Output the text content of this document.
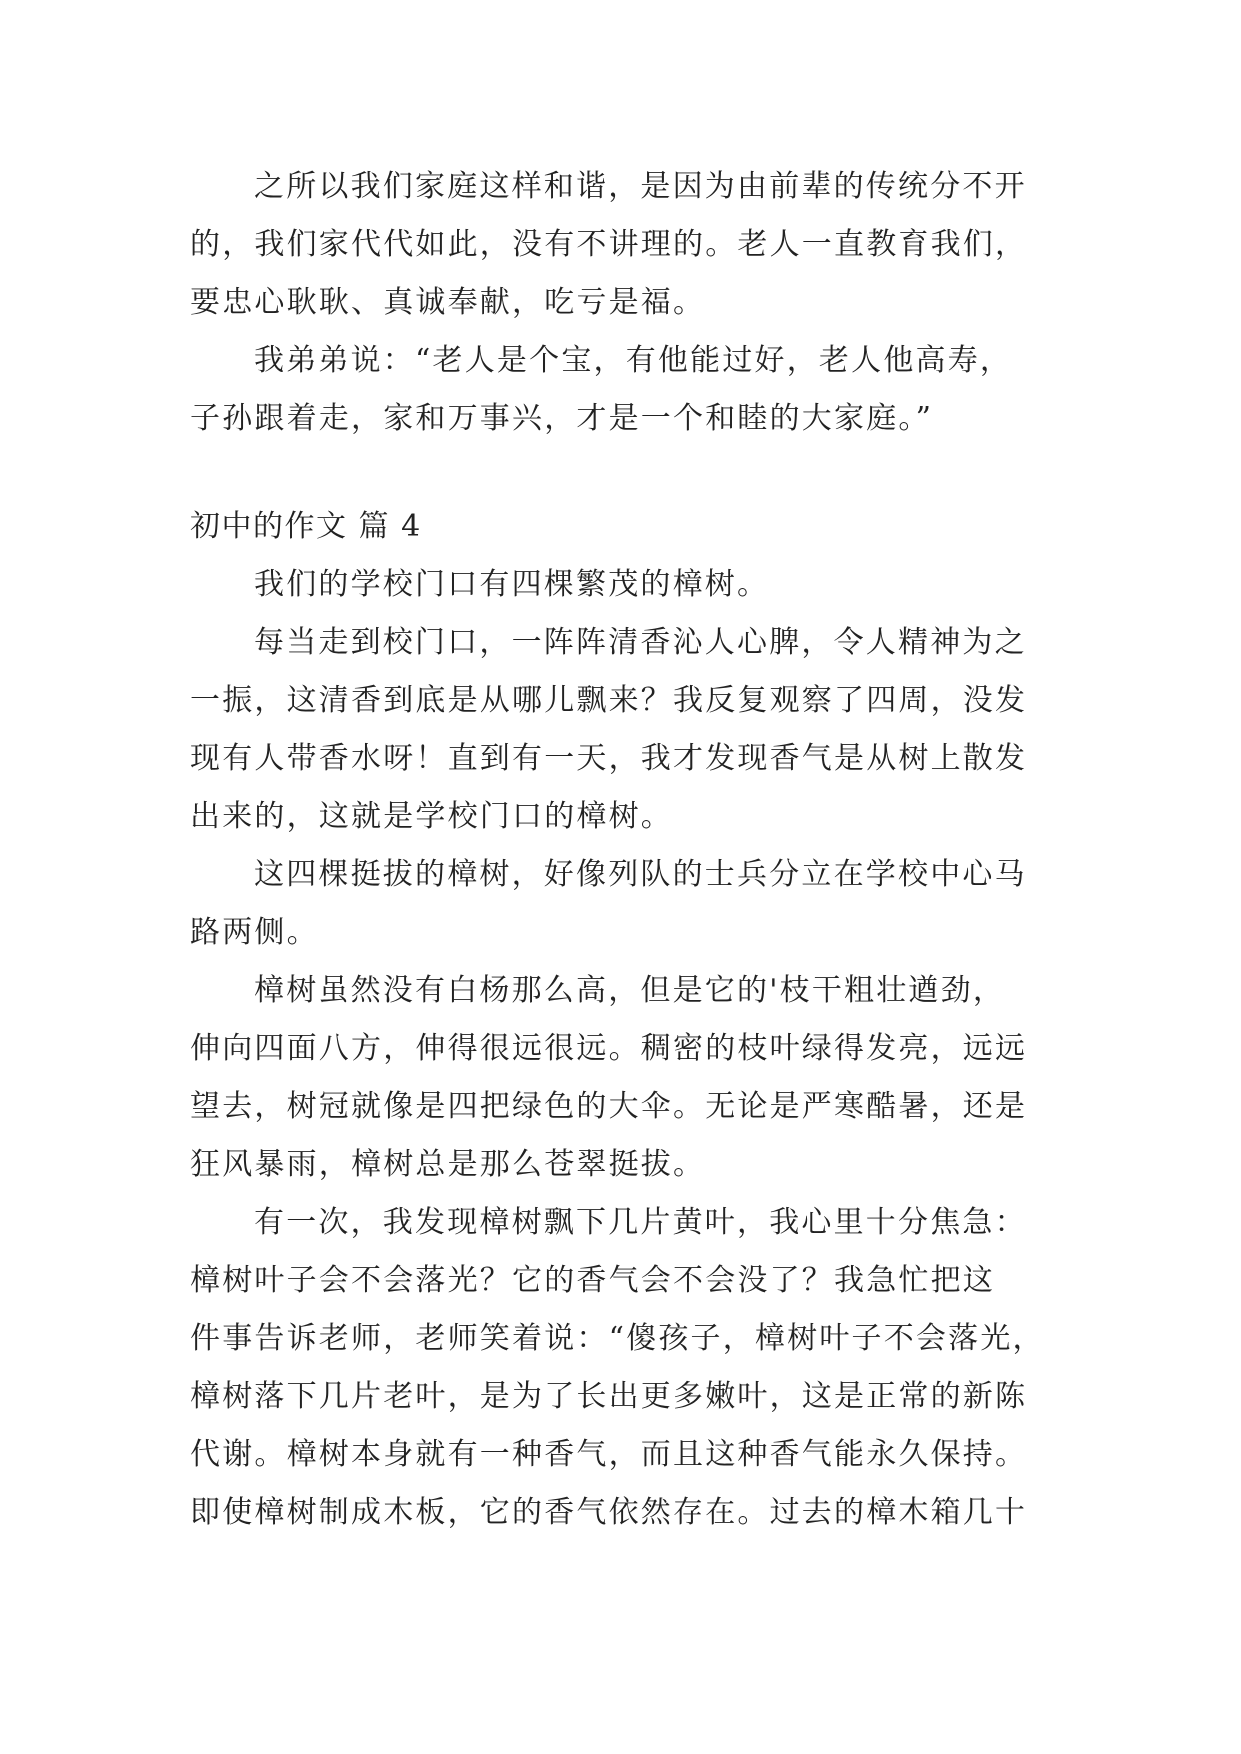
之所以我们家庭这样和谐，是因为由前辈的传统分不开
的，我们家代代如此，没有不讲理的。老人一直教育我们，
要忠心耿耿、真诚奉献，吃亏是福。

我弟弟说：“老人是个宝，有他能过好，老人他高寿，
子孙跟着走，家和万事兴，才是一个和睦的大家庭。”

初中的作文 篇 4

我们的学校门口有四棵繁茂的樟树。

每当走到校门口，一阵阵清香沁人心脾，令人精神为之
一振，这清香到底是从哪儿飘来？我反复观察了四周，没发
现有人带香水呀！直到有一天，我才发现香气是从树上散发
出来的，这就是学校门口的樟树。

这四棵挺拔的樟树，好像列队的士兵分立在学校中心马
路两侧。

樟树虽然没有白杨那么高，但是它的'枝干粗壮遒劲，
伸向四面八方，伸得很远很远。稠密的枝叶绿得发亮，远远
望去，树冠就像是四把绿色的大伞。无论是严寒酷暑，还是
狂风暴雨，樟树总是那么苍翠挺拔。

有一次，我发现樟树飘下几片黄叶，我心里十分焦急：
樟树叶子会不会落光？它的香气会不会没了？我急忙把这
件事告诉老师，老师笑着说：“傻孩子，樟树叶子不会落光，
樟树落下几片老叶，是为了长出更多嫩叶，这是正常的新陈
代谢。樟树本身就有一种香气，而且这种香气能永久保持。
即使樟树制成木板，它的香气依然存在。过去的樟木箱几十
